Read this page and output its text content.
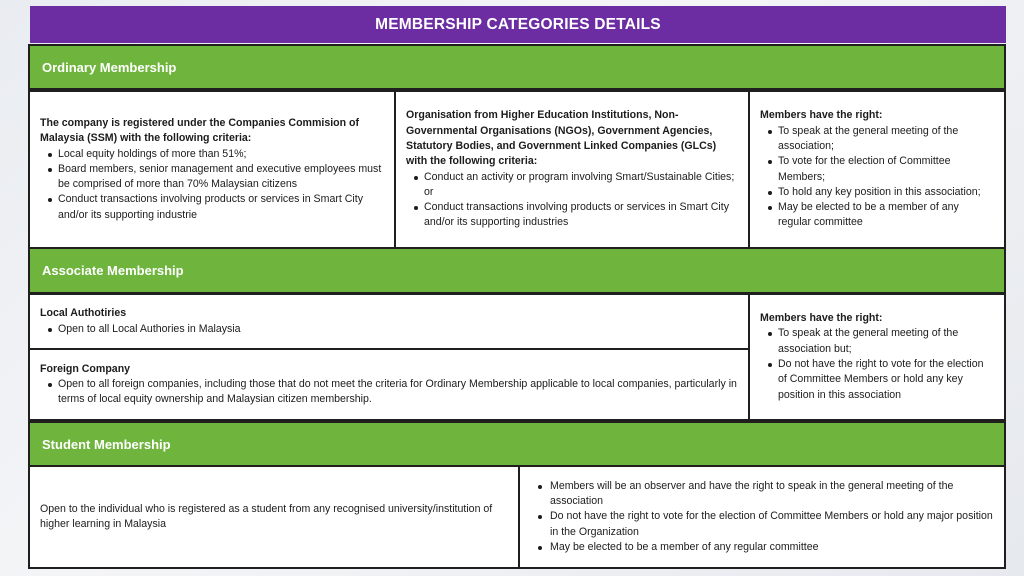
MEMBERSHIP CATEGORIES DETAILS
Ordinary Membership
The company is registered under the Companies Commision of Malaysia (SSM) with the following criteria:
Local equity holdings of more than 51%;
Board members, senior management and executive employees must be comprised of more than 70% Malaysian citizens
Conduct transactions involving products or services in Smart City and/or its supporting industrie
Organisation from Higher Education Institutions, Non-Governmental Organisations (NGOs), Government Agencies, Statutory Bodies, and Government Linked Companies (GLCs) with the following criteria:
Conduct an activity or program involving Smart/Sustainable Cities; or
Conduct transactions involving products or services in Smart City and/or its supporting industries
Members have the right:
To speak at the general meeting of the association;
To vote for the election of Committee Members;
To hold any key position in this association;
May be elected to be a member of any regular committee
Associate Membership
Local Authotiries
Open to all Local Authories in Malaysia
Foreign Company
Open to all foreign companies, including those that do not meet the criteria for Ordinary Membership applicable to local companies, particularly in terms of local equity ownership and Malaysian citizen membership.
Members have the right:
To speak at the general meeting of the association but;
Do not have the right to vote for the election of Committee Members or hold any key position in this association
Student Membership
Open to the individual who is registered as a student from any recognised university/institution of higher learning in Malaysia
Members will be an observer and have the right to speak in the general meeting of the association
Do not have the right to vote for the election of Committee Members or hold any major position in the Organization
May be elected to be a member of any regular committee
